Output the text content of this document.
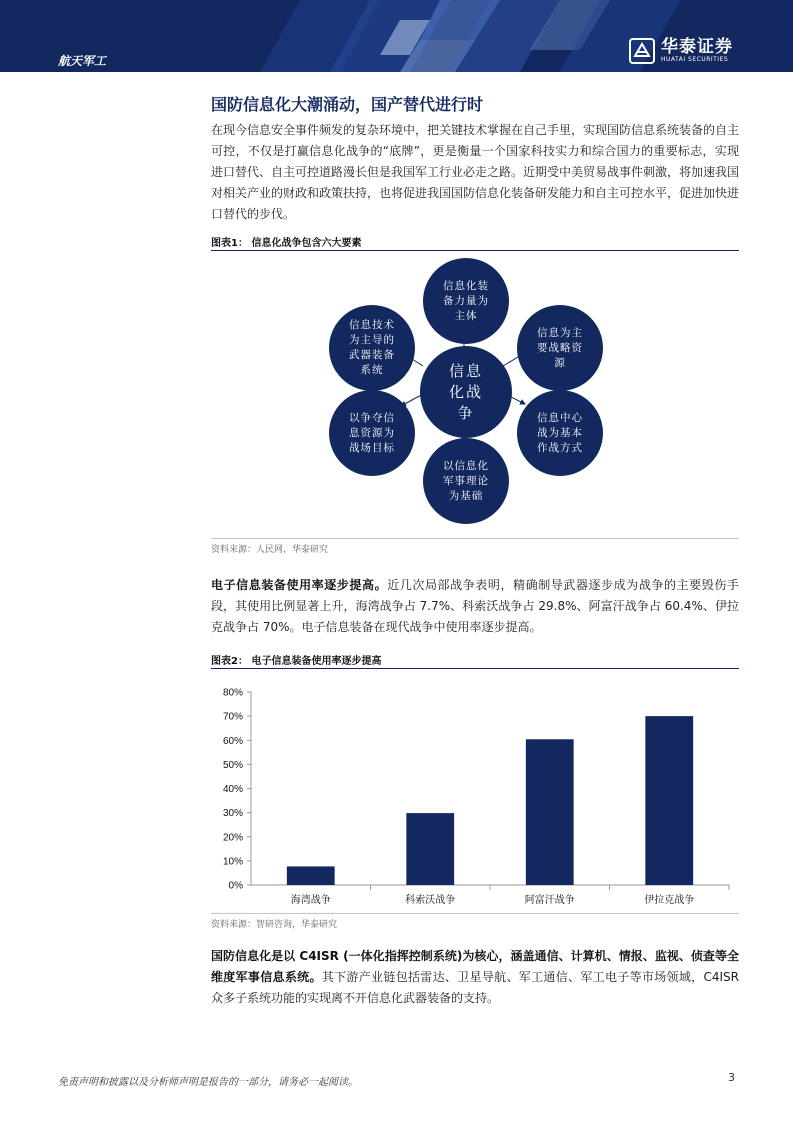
航天军工
华泰证券
HUATAI SECURITIES
国防信息化大潮涌动，国产替代进行时

在现今信息安全事件频发的复杂环境中，把关键技术掌握在自己手里，实现国防信息系统装备的自主可控，不仅是打赢信息化战争的“底牌”，更是衡量一个国家科技实力和综合国力的重要标志，实现进口替代、自主可控道路漫长但是我国军工行业必走之路。近期受中美贸易战事件刺激，将加速我国对相关产业的财政和政策扶持，也将促进我国国防信息化装备研发能力和自主可控水平，促进加快进口替代的步伐。

图表1： 信息化战争包含六大要素
信息化装备力量为主体
信息为主要战略资源
信息中心战为基本作战方式
以信息化军事理论为基础
以争夺信息资源为战场目标
信息技术为主导的武器装备系统	信息化战争
资料来源：人民网，华泰研究

电子信息装备使用率逐步提高。近几次局部战争表明，精确制导武器逐步成为战争的主要毁伤手段，其使用比例显著上升，海湾战争占 7.7%、科索沃战争占 29.8%、阿富汗战争占 60.4%、伊拉克战争占 70%。电子信息装备在现代战争中使用率逐步提高。

图表2： 电子信息装备使用率逐步提高
0%
10%
20%
30%
40%
50%
60%
70%
80%
海湾战争	科索沃战争	阿富汗战争	伊拉克战争
资料来源：智研咨询，华泰研究

国防信息化是以 C4ISR (一体化指挥控制系统)为核心，涵盖通信、计算机、情报、监视、侦查等全维度军事信息系统。其下游产业链包括雷达、卫星导航、军工通信、军工电子等市场领域，C4ISR 众多子系统功能的实现离不开信息化武器装备的支持。

免责声明和披露以及分析师声明是报告的一部分，请务必一起阅读。	3
